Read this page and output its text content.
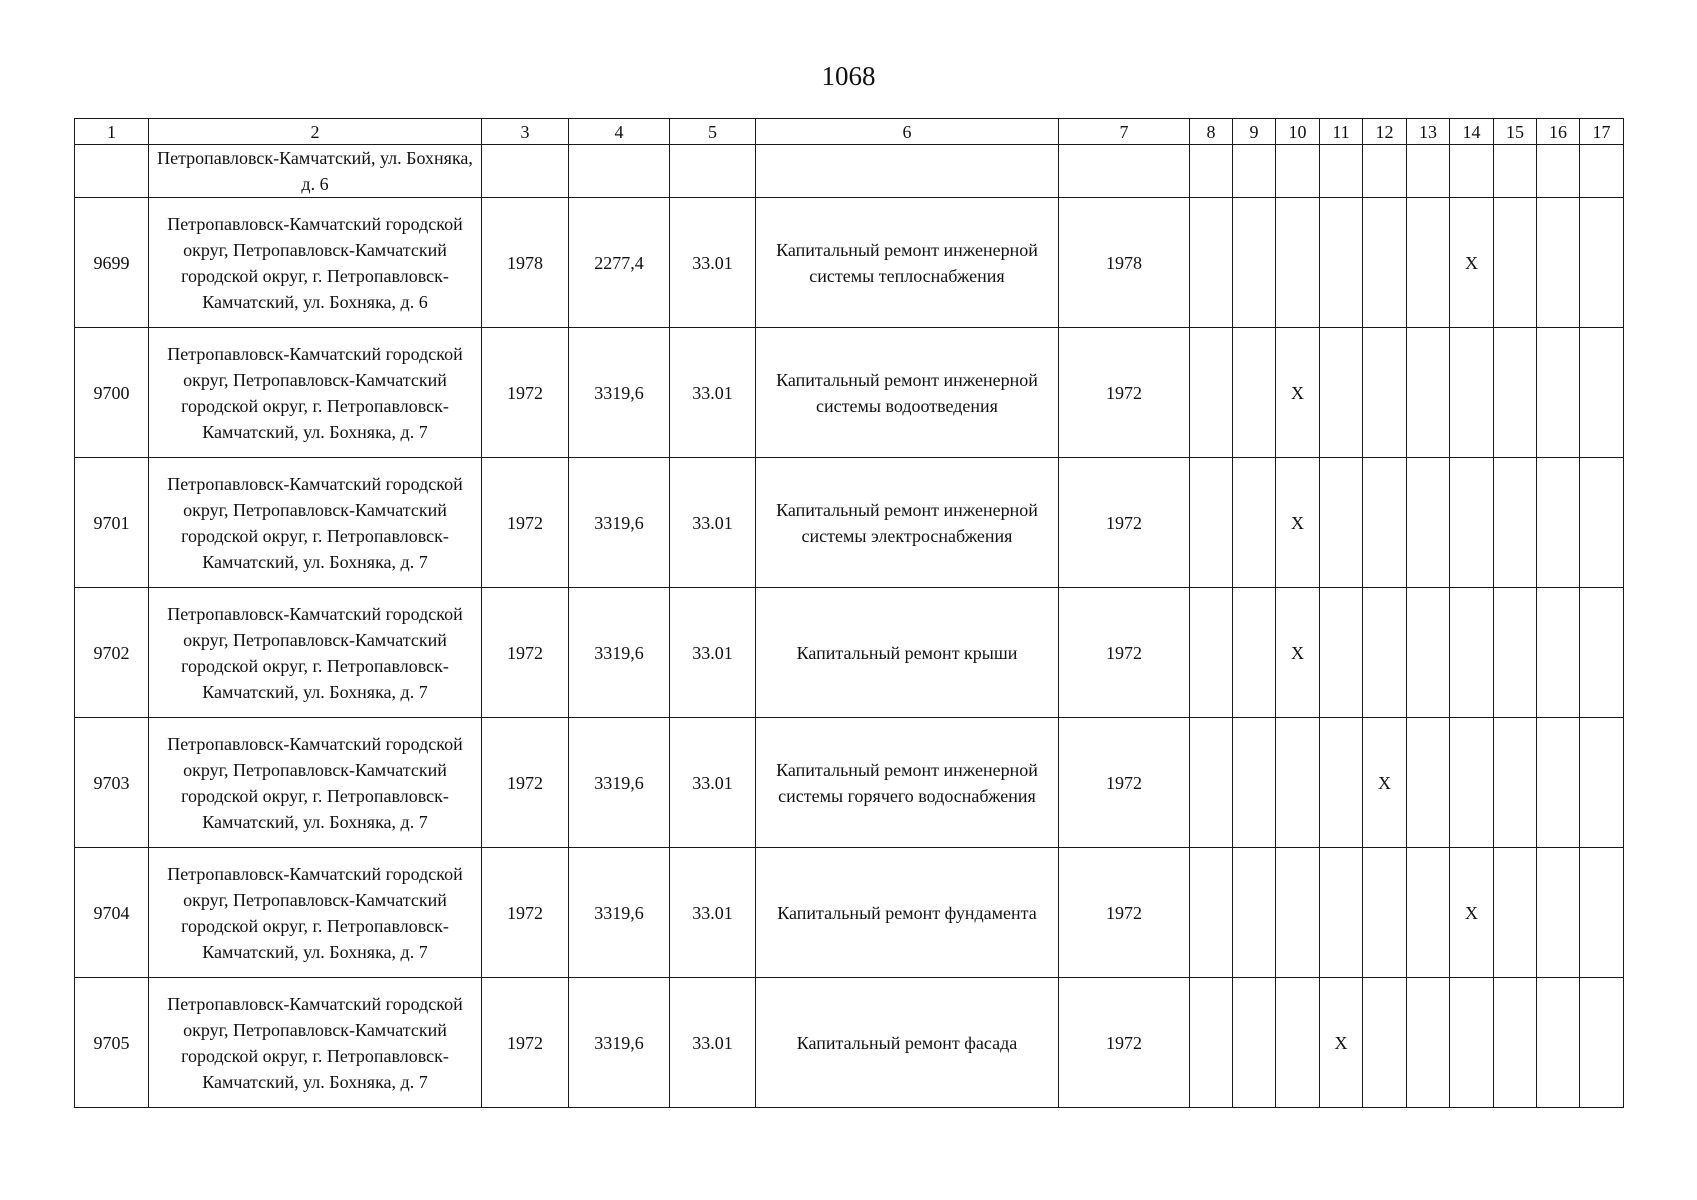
1068
1	2	3	4	5	6	7	8	9	10	11	12	13	14	15	16	17	
	Петропавловск-Камчатский, ул. Бохняка, д. 6																
9699	Петропавловск-Камчатский городской округ, Петропавловск-Камчатский городской округ, г. Петропавловск-Камчатский, ул. Бохняка, д. 6	1978	2277,4	33.01	Капитальный ремонт инженерной системы теплоснабжения	1978							Х				
9700	Петропавловск-Камчатский городской округ, Петропавловск-Камчатский городской округ, г. Петропавловск-Камчатский, ул. Бохняка, д. 7	1972	3319,6	33.01	Капитальный ремонт инженерной системы водоотведения	1972			Х								
9701	Петропавловск-Камчатский городской округ, Петропавловск-Камчатский городской округ, г. Петропавловск-Камчатский, ул. Бохняка, д. 7	1972	3319,6	33.01	Капитальный ремонт инженерной системы электроснабжения	1972			Х								
9702	Петропавловск-Камчатский городской округ, Петропавловск-Камчатский городской округ, г. Петропавловск-Камчатский, ул. Бохняка, д. 7	1972	3319,6	33.01	Капитальный ремонт крыши	1972			Х								
9703	Петропавловск-Камчатский городской округ, Петропавловск-Камчатский городской округ, г. Петропавловск-Камчатский, ул. Бохняка, д. 7	1972	3319,6	33.01	Капитальный ремонт инженерной системы горячего водоснабжения	1972					Х						
9704	Петропавловск-Камчатский городской округ, Петропавловск-Камчатский городской округ, г. Петропавловск-Камчатский, ул. Бохняка, д. 7	1972	3319,6	33.01	Капитальный ремонт фундамента	1972							Х				
9705	Петропавловск-Камчатский городской округ, Петропавловск-Камчатский городской округ, г. Петропавловск-Камчатский, ул. Бохняка, д. 7	1972	3319,6	33.01	Капитальный ремонт фасада	1972				Х							
